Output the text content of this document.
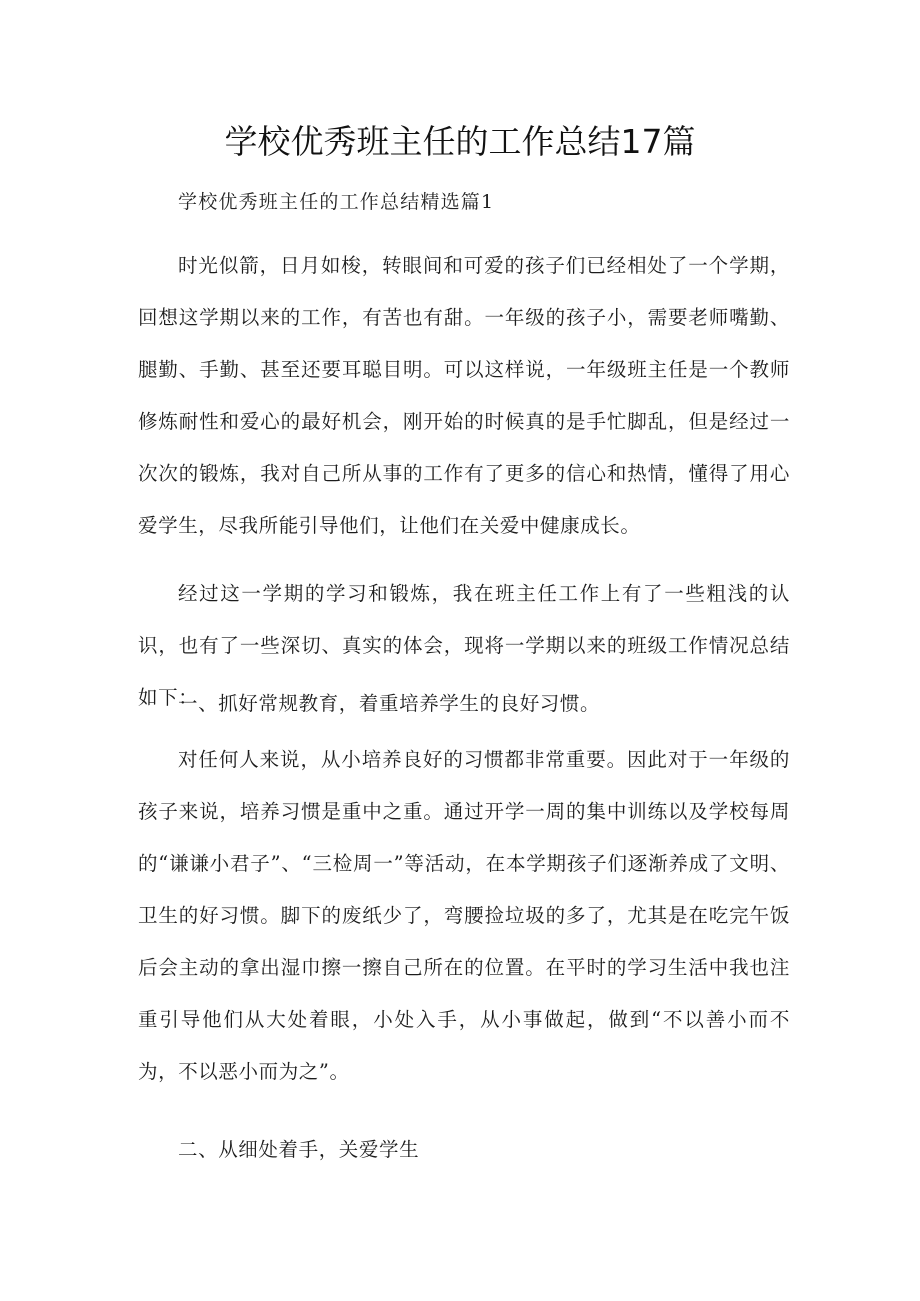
学校优秀班主任的工作总结17篇

学校优秀班主任的工作总结精选篇1

时光似箭，日月如梭，转眼间和可爱的孩子们已经相处了一个学期，回想这学期以来的工作，有苦也有甜。一年级的孩子小，需要老师嘴勤、腿勤、手勤、甚至还要耳聪目明。可以这样说，一年级班主任是一个教师修炼耐性和爱心的最好机会，刚开始的时候真的是手忙脚乱，但是经过一次次的锻炼，我对自己所从事的工作有了更多的信心和热情，懂得了用心爱学生，尽我所能引导他们，让他们在关爱中健康成长。

经过这一学期的学习和锻炼，我在班主任工作上有了一些粗浅的认识，也有了一些深切、真实的体会，现将一学期以来的班级工作情况总结如下：

一、抓好常规教育，着重培养学生的良好习惯。

对任何人来说，从小培养良好的习惯都非常重要。因此对于一年级的孩子来说，培养习惯是重中之重。通过开学一周的集中训练以及学校每周的“谦谦小君子”、“三检周一”等活动，在本学期孩子们逐渐养成了文明、卫生的好习惯。脚下的废纸少了，弯腰捡垃圾的多了，尤其是在吃完午饭后会主动的拿出湿巾擦一擦自己所在的位置。在平时的学习生活中我也注重引导他们从大处着眼，小处入手，从小事做起，做到“不以善小而不为，不以恶小而为之”。

二、从细处着手，关爱学生
